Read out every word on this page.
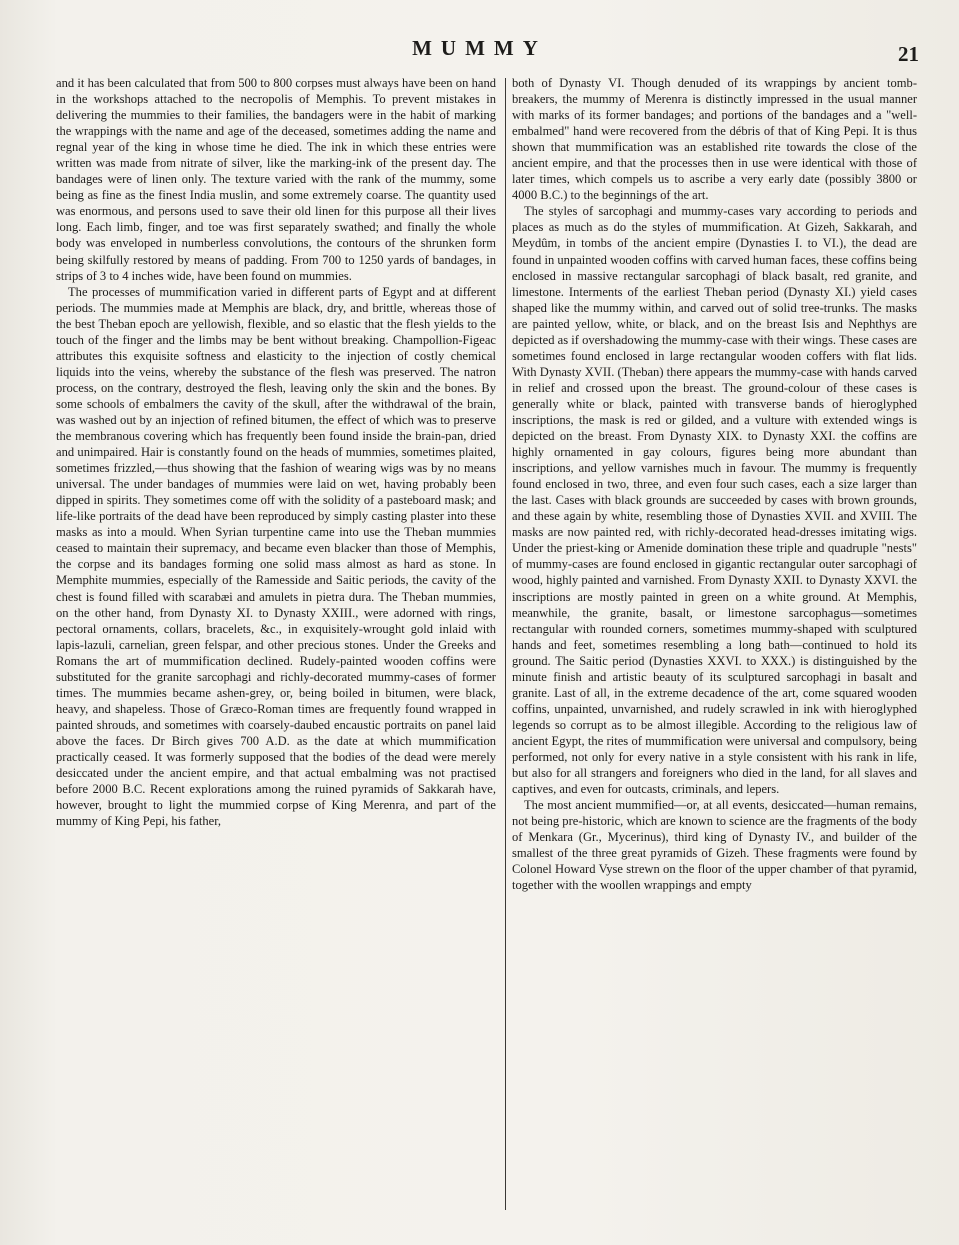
MUMMY	21

and it has been calculated that from 500 to 800 corpses must always have been on hand in the workshops attached to the necropolis of Memphis. To prevent mistakes in delivering the mummies to their families, the bandagers were in the habit of marking the wrappings with the name and age of the deceased, sometimes adding the name and regnal year of the king in whose time he died. The ink in which these entries were written was made from nitrate of silver, like the marking-ink of the present day. The bandages were of linen only. The texture varied with the rank of the mummy, some being as fine as the finest India muslin, and some extremely coarse. The quantity used was enormous, and persons used to save their old linen for this purpose all their lives long. Each limb, finger, and toe was first separately swathed; and finally the whole body was enveloped in numberless convolutions, the contours of the shrunken form being skilfully restored by means of padding. From 700 to 1250 yards of bandages, in strips of 3 to 4 inches wide, have been found on mummies.

The processes of mummification varied in different parts of Egypt and at different periods. The mummies made at Memphis are black, dry, and brittle, whereas those of the best Theban epoch are yellowish, flexible, and so elastic that the flesh yields to the touch of the finger and the limbs may be bent without breaking. Champollion-Figeac attributes this exquisite softness and elasticity to the injection of costly chemical liquids into the veins, whereby the substance of the flesh was preserved. The natron process, on the contrary, destroyed the flesh, leaving only the skin and the bones. By some schools of embalmers the cavity of the skull, after the withdrawal of the brain, was washed out by an injection of refined bitumen, the effect of which was to preserve the membranous covering which has frequently been found inside the brain-pan, dried and unimpaired. Hair is constantly found on the heads of mummies, sometimes plaited, sometimes frizzled,—thus showing that the fashion of wearing wigs was by no means universal. The under bandages of mummies were laid on wet, having probably been dipped in spirits. They sometimes come off with the solidity of a pasteboard mask; and life-like portraits of the dead have been reproduced by simply casting plaster into these masks as into a mould. When Syrian turpentine came into use the Theban mummies ceased to maintain their supremacy, and became even blacker than those of Memphis, the corpse and its bandages forming one solid mass almost as hard as stone. In Memphite mummies, especially of the Ramesside and Saitic periods, the cavity of the chest is found filled with scarabæi and amulets in pietra dura. The Theban mummies, on the other hand, from Dynasty XI. to Dynasty XXIII., were adorned with rings, pectoral ornaments, collars, bracelets, &c., in exquisitely-wrought gold inlaid with lapis-lazuli, carnelian, green felspar, and other precious stones. Under the Greeks and Romans the art of mummification declined. Rudely-painted wooden coffins were substituted for the granite sarcophagi and richly-decorated mummy-cases of former times. The mummies became ashen-grey, or, being boiled in bitumen, were black, heavy, and shapeless. Those of Græco-Roman times are frequently found wrapped in painted shrouds, and sometimes with coarsely-daubed encaustic portraits on panel laid above the faces. Dr Birch gives 700 A.D. as the date at which mummification practically ceased. It was formerly supposed that the bodies of the dead were merely desiccated under the ancient empire, and that actual embalming was not practised before 2000 B.C. Recent explorations among the ruined pyramids of Sakkarah have, however, brought to light the mummied corpse of King Merenra, and part of the mummy of King Pepi, his father,

both of Dynasty VI. Though denuded of its wrappings by ancient tomb-breakers, the mummy of Merenra is distinctly impressed in the usual manner with marks of its former bandages; and portions of the bandages and a "well-embalmed" hand were recovered from the débris of that of King Pepi. It is thus shown that mummification was an established rite towards the close of the ancient empire, and that the processes then in use were identical with those of later times, which compels us to ascribe a very early date (possibly 3800 or 4000 B.C.) to the beginnings of the art.

The styles of sarcophagi and mummy-cases vary according to periods and places as much as do the styles of mummification. At Gizeh, Sakkarah, and Meydûm, in tombs of the ancient empire (Dynasties I. to VI.), the dead are found in unpainted wooden coffins with carved human faces, these coffins being enclosed in massive rectangular sarcophagi of black basalt, red granite, and limestone. Interments of the earliest Theban period (Dynasty XI.) yield cases shaped like the mummy within, and carved out of solid tree-trunks. The masks are painted yellow, white, or black, and on the breast Isis and Nephthys are depicted as if overshadowing the mummy-case with their wings. These cases are sometimes found enclosed in large rectangular wooden coffers with flat lids. With Dynasty XVII. (Theban) there appears the mummy-case with hands carved in relief and crossed upon the breast. The ground-colour of these cases is generally white or black, painted with transverse bands of hieroglyphed inscriptions, the mask is red or gilded, and a vulture with extended wings is depicted on the breast. From Dynasty XIX. to Dynasty XXI. the coffins are highly ornamented in gay colours, figures being more abundant than inscriptions, and yellow varnishes much in favour. The mummy is frequently found enclosed in two, three, and even four such cases, each a size larger than the last. Cases with black grounds are succeeded by cases with brown grounds, and these again by white, resembling those of Dynasties XVII. and XVIII. The masks are now painted red, with richly-decorated head-dresses imitating wigs. Under the priest-king or Amenide domination these triple and quadruple "nests" of mummy-cases are found enclosed in gigantic rectangular outer sarcophagi of wood, highly painted and varnished. From Dynasty XXII. to Dynasty XXVI. the inscriptions are mostly painted in green on a white ground. At Memphis, meanwhile, the granite, basalt, or limestone sarcophagus—sometimes rectangular with rounded corners, sometimes mummy-shaped with sculptured hands and feet, sometimes resembling a long bath—continued to hold its ground. The Saitic period (Dynasties XXVI. to XXX.) is distinguished by the minute finish and artistic beauty of its sculptured sarcophagi in basalt and granite. Last of all, in the extreme decadence of the art, come squared wooden coffins, unpainted, unvarnished, and rudely scrawled in ink with hieroglyphed legends so corrupt as to be almost illegible. According to the religious law of ancient Egypt, the rites of mummification were universal and compulsory, being performed, not only for every native in a style consistent with his rank in life, but also for all strangers and foreigners who died in the land, for all slaves and captives, and even for outcasts, criminals, and lepers.

The most ancient mummified—or, at all events, desiccated—human remains, not being pre-historic, which are known to science are the fragments of the body of Menkara (Gr., Mycerinus), third king of Dynasty IV., and builder of the smallest of the three great pyramids of Gizeh. These fragments were found by Colonel Howard Vyse strewn on the floor of the upper chamber of that pyramid, together with the woollen wrappings and empty
